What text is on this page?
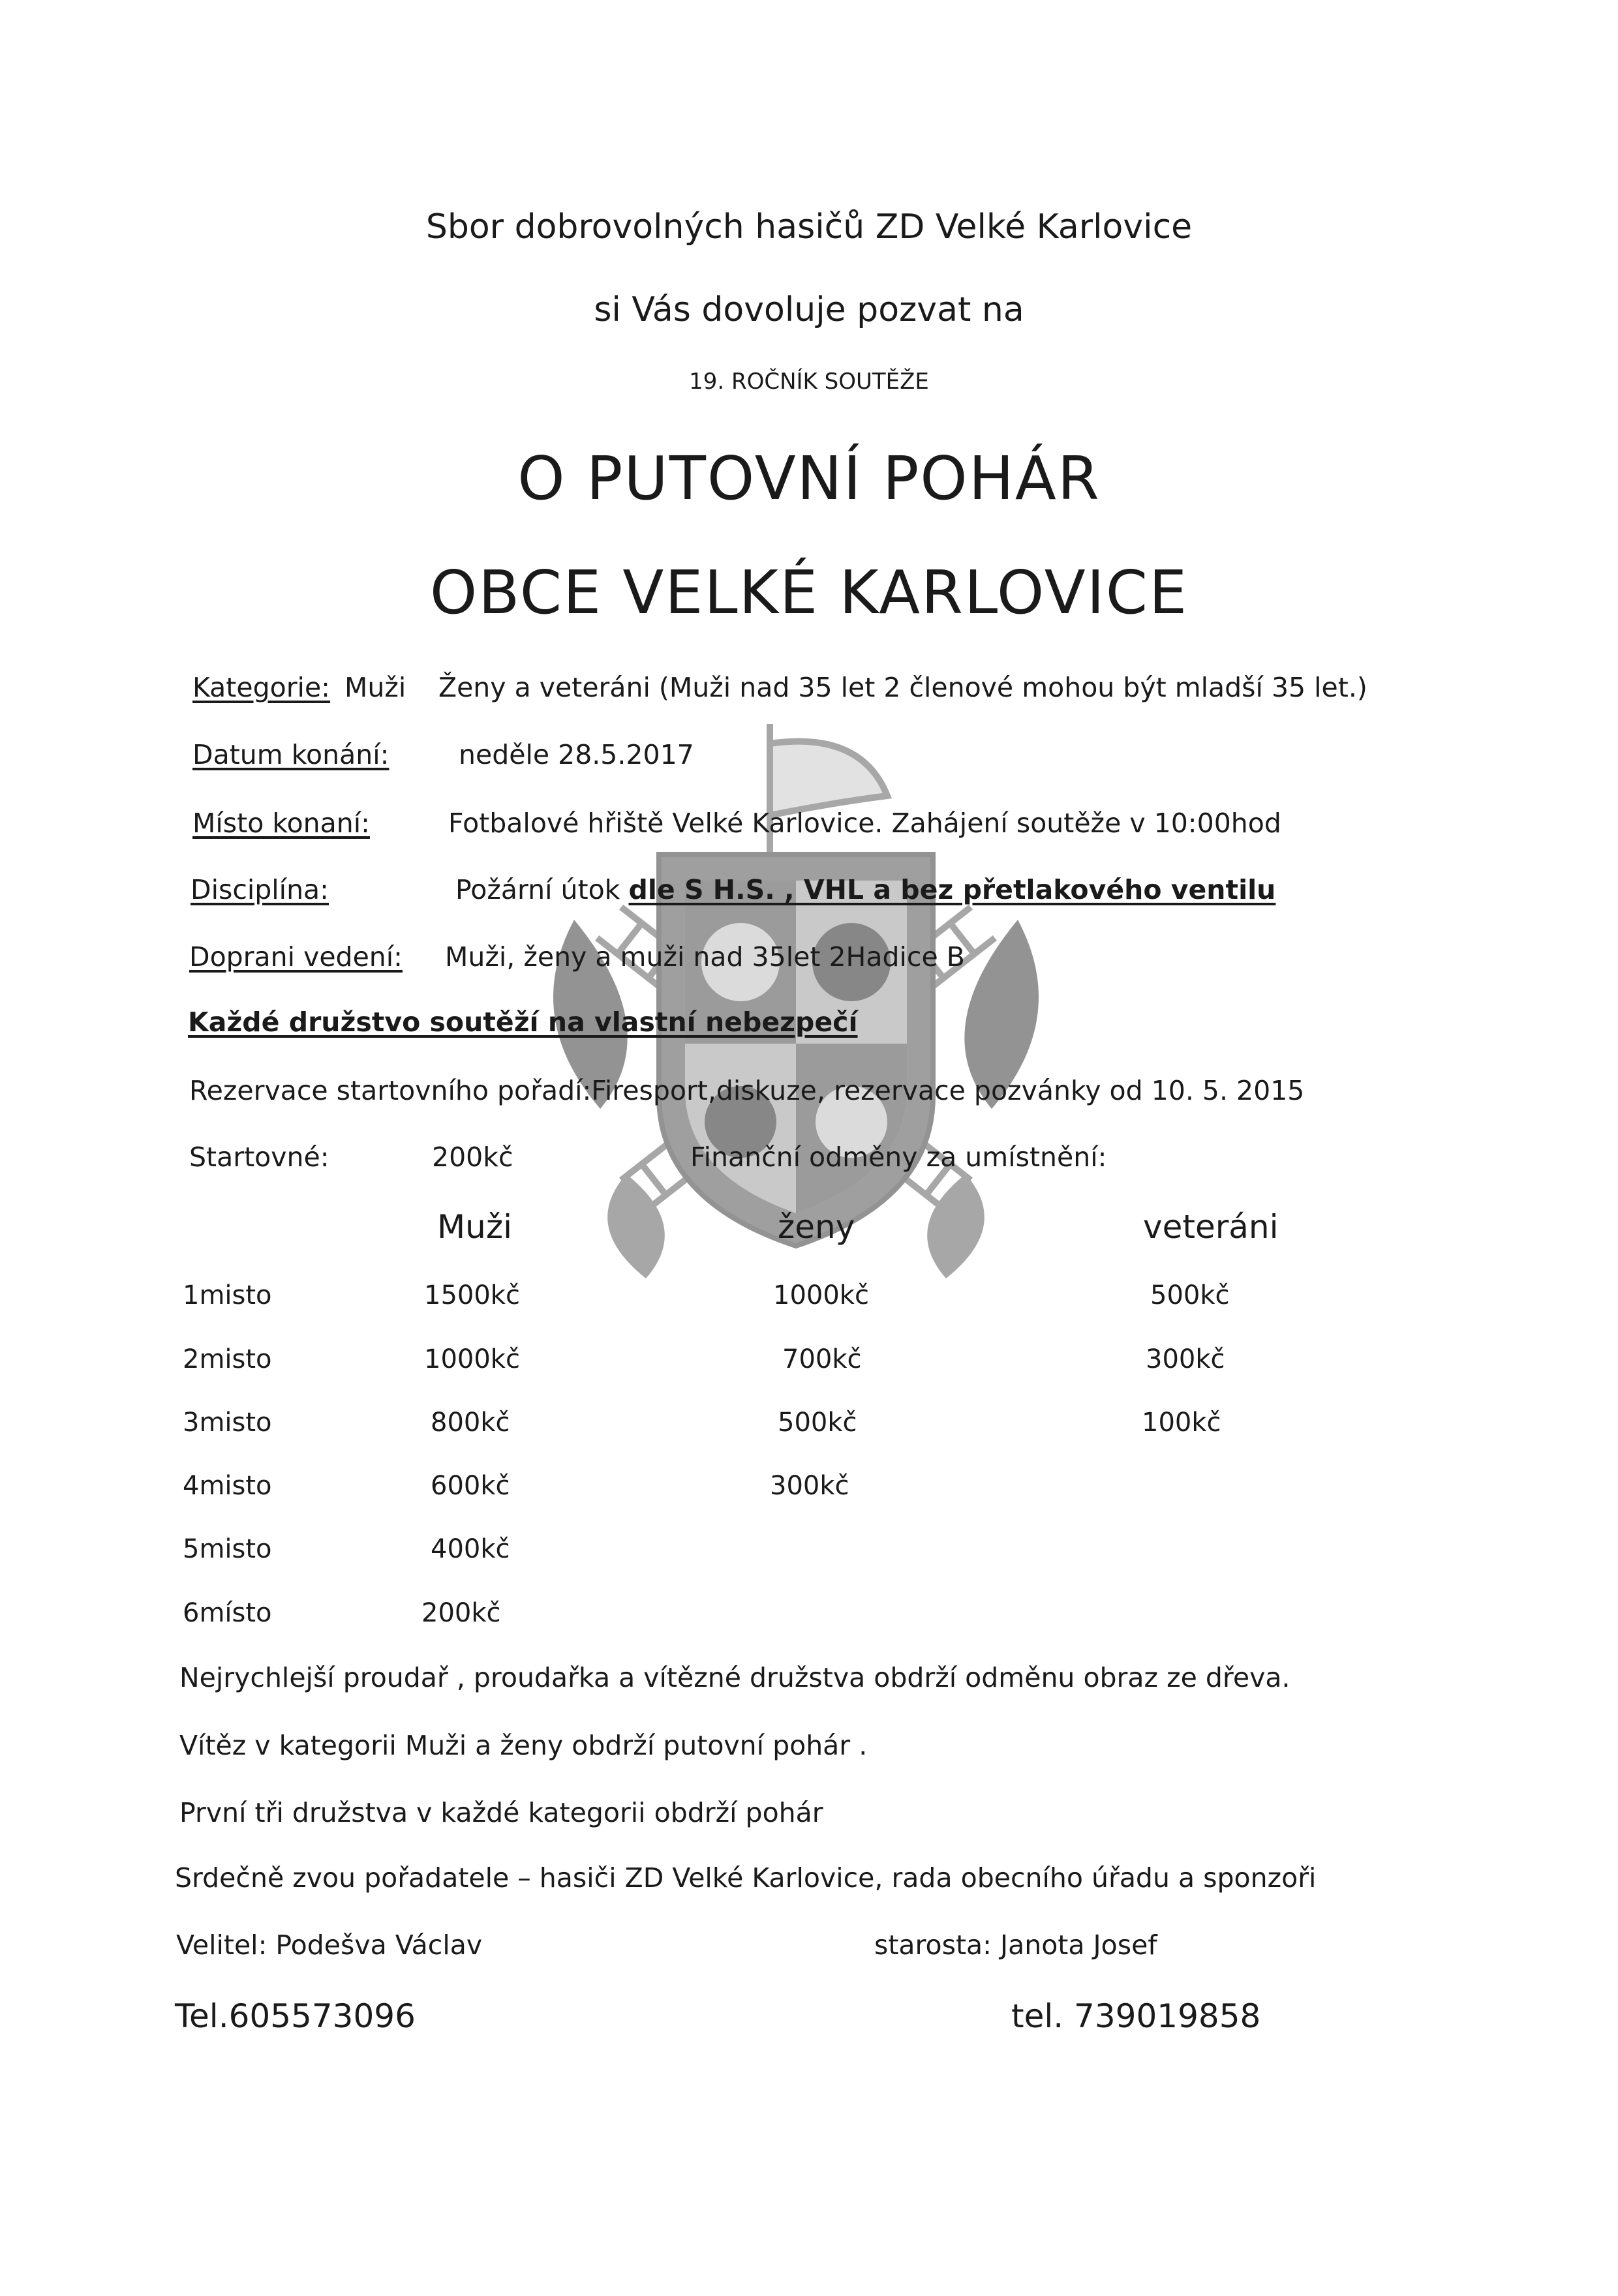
Sbor dobrovolných hasičů ZD Velké Karlovice
si Vás dovoluje pozvat na
19. ROČNÍK SOUTĚŽE
O PUTOVNÍ POHÁR
OBCE VELKÉ KARLOVICE
Kategorie: Muži Ženy a veteráni (Muži nad 35 let 2 členové mohou být mladší 35 let.)
Datum konání:	neděle 28.5.2017
Místo konaní:	Fotbalové hřiště Velké Karlovice. Zahájení soutěže v 10:00hod
Disciplína:	Požární útok dle S H.S. , VHL a bez přetlakového ventilu
Doprani vedení: Muži, ženy a muži nad 35let 2Hadice B
Každé družstvo soutěží na vlastní nebezpečí
Rezervace startovního pořadí:Firesport,diskuze, rezervace pozvánky od 10. 5. 2015
Startovné:	200kč	Finanční odměny za umístnění:
Muži	ženy	veteráni
1misto	1500kč	1000kč	500kč
2misto	1000kč	700kč	300kč
3misto	800kč	500kč	100kč
4misto	600kč	300kč
5misto	400kč
6místo	200kč
Nejrychlejší proudař , proudařka a vítězné družstva obdrží odměnu obraz ze dřeva.
Vítěz v kategorii Muži a ženy obdrží putovní pohár .
První tři družstva v každé kategorii obdrží pohár
Srdečně zvou pořadatele – hasiči ZD Velké Karlovice, rada obecního úřadu a sponzoři
Velitel: Podešva Václav	starosta: Janota Josef
Tel.605573096	tel. 739019858
